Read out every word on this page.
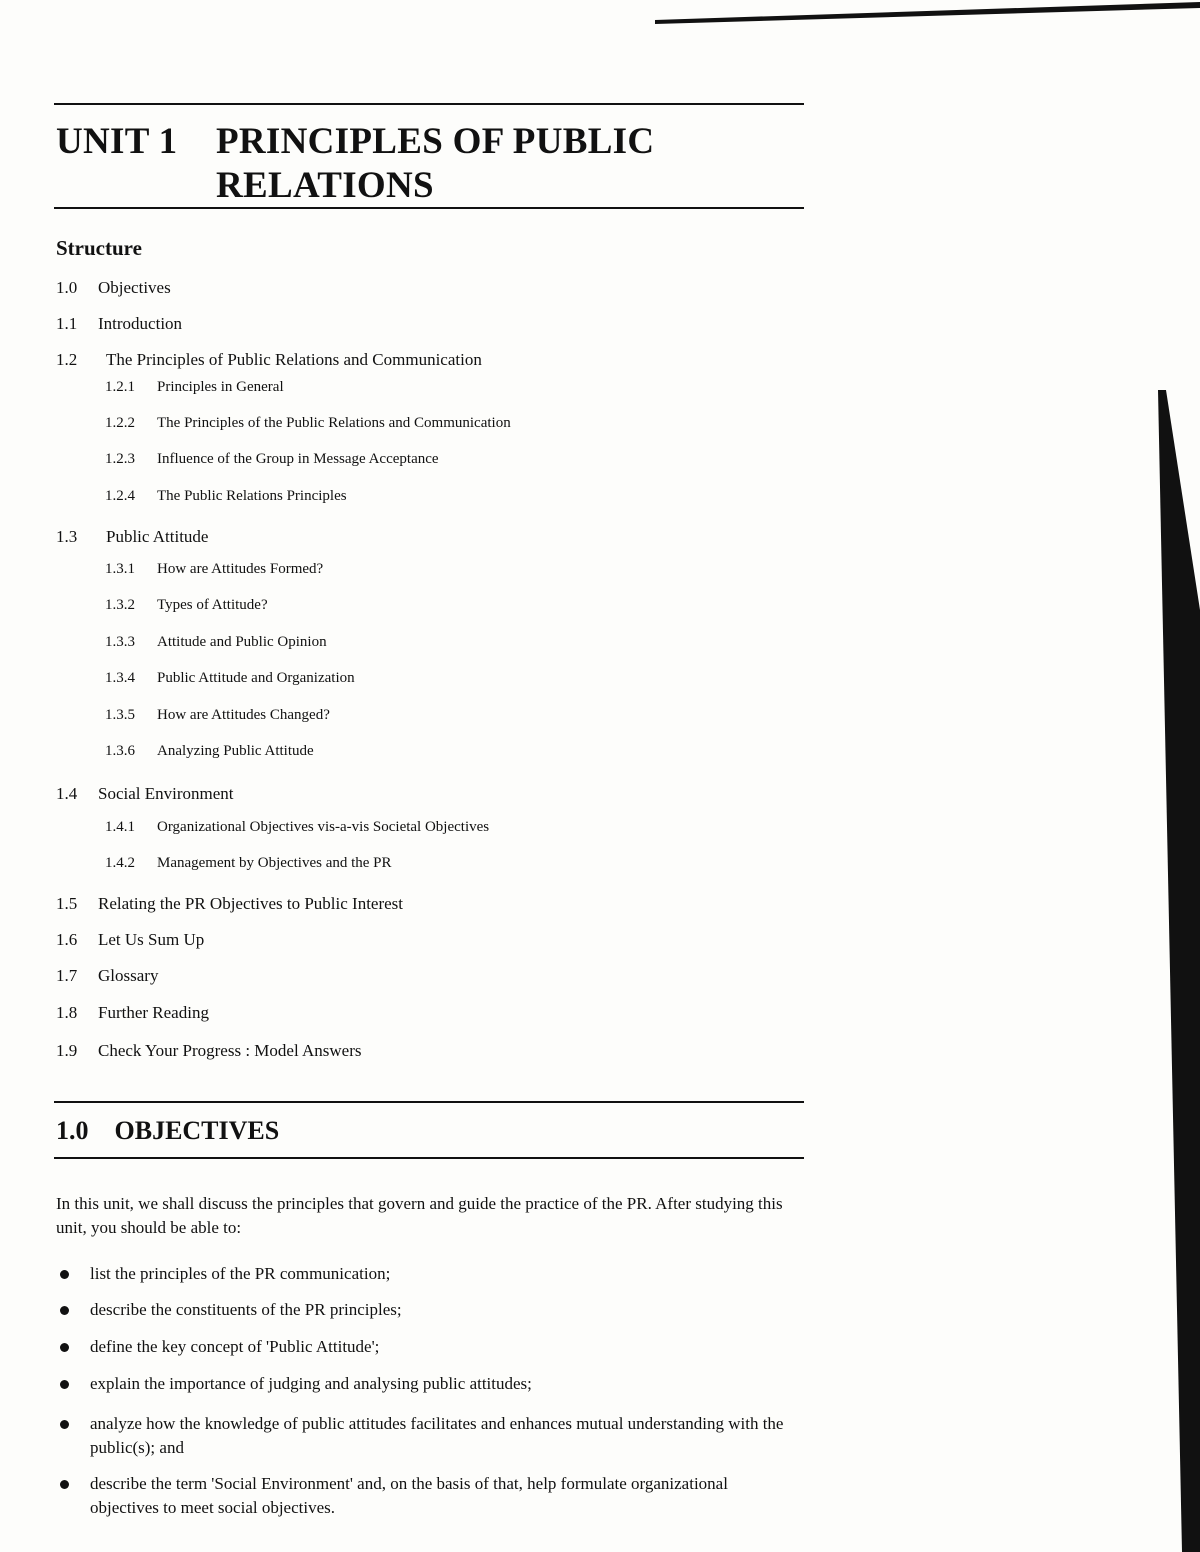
UNIT 1 PRINCIPLES OF PUBLIC RELATIONS
Structure
1.0 Objectives
1.1 Introduction
1.2 The Principles of Public Relations and Communication
1.2.1 Principles in General
1.2.2 The Principles of the Public Relations and Communication
1.2.3 Influence of the Group in Message Acceptance
1.2.4 The Public Relations Principles
1.3 Public Attitude
1.3.1 How are Attitudes Formed?
1.3.2 Types of Attitude?
1.3.3 Attitude and Public Opinion
1.3.4 Public Attitude and Organization
1.3.5 How are Attitudes Changed?
1.3.6 Analyzing Public Attitude
1.4 Social Environment
1.4.1 Organizational Objectives vis-a-vis Societal Objectives
1.4.2 Management by Objectives and the PR
1.5 Relating the PR Objectives to Public Interest
1.6 Let Us Sum Up
1.7 Glossary
1.8 Further Reading
1.9 Check Your Progress : Model Answers
1.0 OBJECTIVES
In this unit, we shall discuss the principles that govern and guide the practice of the PR. After studying this unit, you should be able to:
list the principles of the PR communication;
describe the constituents of the PR principles;
define the key concept of 'Public Attitude';
explain the importance of judging and analysing public attitudes;
analyze how the knowledge of public attitudes facilitates and enhances mutual understanding with the public(s); and
describe the term 'Social Environment' and, on the basis of that, help formulate organizational objectives to meet social objectives.
